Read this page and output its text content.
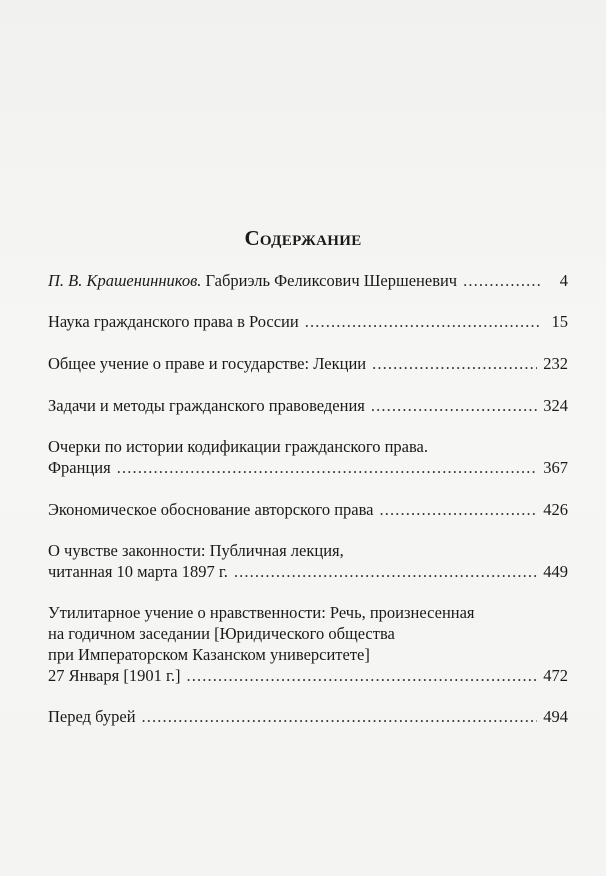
Содержание
П. В. Крашенинников. Габриэль Феликсович Шершеневич . . .	4
Наука гражданского права в России . . .	15
Общее учение о праве и государстве: Лекции . . .	232
Задачи и методы гражданского правоведения . . .	324
Очерки по истории кодификации гражданского права.
Франция . . .	367
Экономическое обоснование авторского права . . .	426
О чувстве законности: Публичная лекция,
читанная 10 марта 1897 г. . . .	449
Утилитарное учение о нравственности: Речь, произнесенная
на годичном заседании [Юридического общества
при Императорском Казанском университете]
27 Января [1901 г.] . . .	472
Перед бурей . . .	494
